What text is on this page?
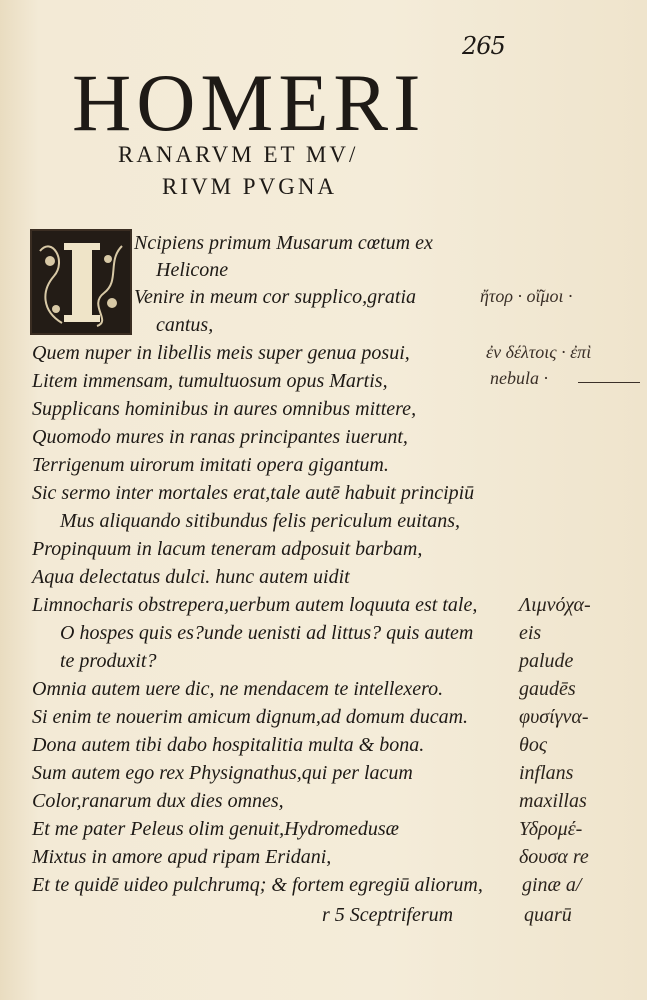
265
HOMERI
RANARVM ET MV/
RIVM PVGNA
Ncipiens primum Musarum cœtum ex
Helicone
Venire in meum cor supplico,gratia
cantus,
Quem nuper in libellis meis super genua posui,
Litem immensam, tumultuosum opus Martis,
Supplicans hominibus in aures omnibus mittere,
Quomodo mures in ranas principantes iuerunt,
Terrigenum uirorum imitati opera gigantum.
Sic sermo inter mortales erat,tale autē habuit principiū
Mus aliquando sitibundus felis periculum euitans,
Propinquum in lacum teneram adposuit barbam,
Aqua delectatus dulci. hunc autem uidit
Limnocharis obstrepera,uerbum autem loquuta est tale,
O hospes quis es?unde uenisti ad littus? quis autem
te produxit?
Omnia autem uere dic, ne mendacem te intellexero.
Si enim te nouerim amicum dignum,ad domum ducam.
Dona autem tibi dabo hospitalitia multa & bona.
Sum autem ego rex Physignathus,qui per lacum
Color,ranarum dux dies omnes,
Et me pater Peleus olim genuit,Hydromedusæ
Mixtus in amore apud ripam Eridani,
Et te quidē uideo pulchrumq; & fortem egregiū aliorum,
r 5 Sceptriferum
ἤτορ · οἴ͂μοι ·
ἐν δέλτοις · ἐπὶ
nebula ·
Λιμνόχα-
eis
palude
gaudēs
φυσίγνα-
θος
inflans
maxillas
Υδρομέ-
δουσα re
ginæ a/
quarū
